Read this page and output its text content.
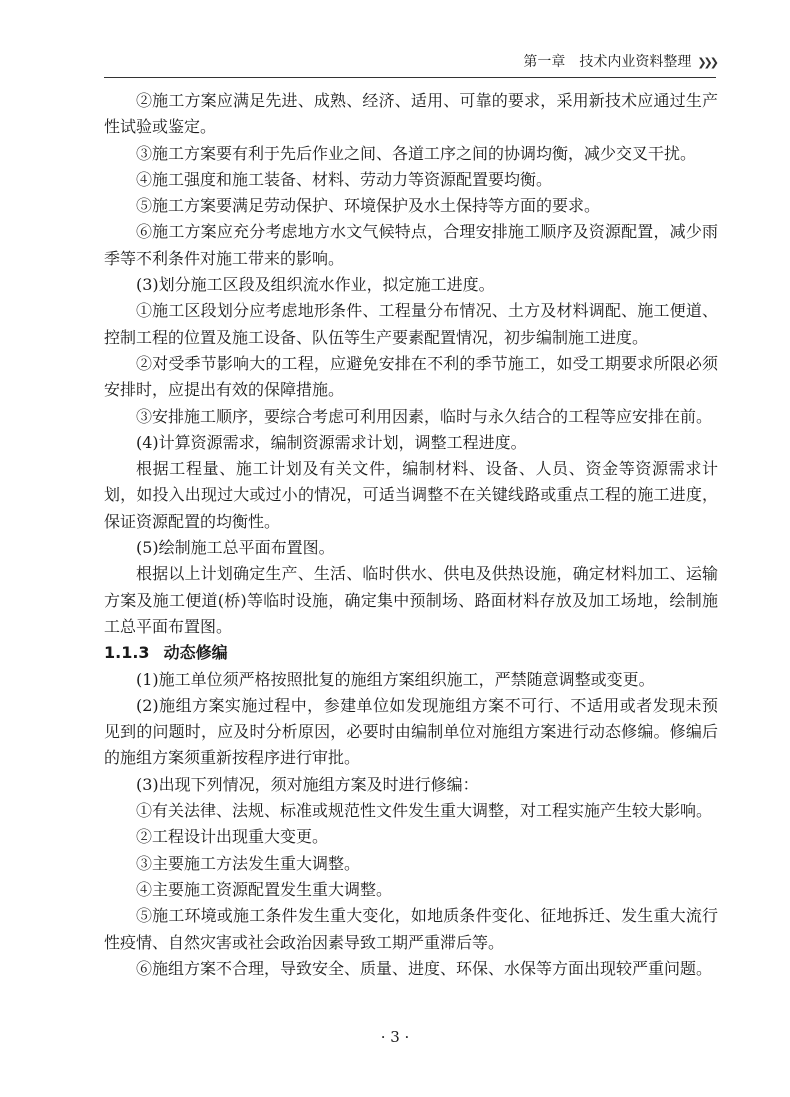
第一章 技术内业资料整理 ❯❯❯

②施工方案应满足先进、成熟、经济、适用、可靠的要求，采用新技术应通过生产性试验或鉴定。

③施工方案要有利于先后作业之间、各道工序之间的协调均衡，减少交叉干扰。

④施工强度和施工装备、材料、劳动力等资源配置要均衡。

⑤施工方案要满足劳动保护、环境保护及水土保持等方面的要求。

⑥施工方案应充分考虑地方水文气候特点，合理安排施工顺序及资源配置，减少雨季等不利条件对施工带来的影响。

(3)划分施工区段及组织流水作业，拟定施工进度。

①施工区段划分应考虑地形条件、工程量分布情况、土方及材料调配、施工便道、控制工程的位置及施工设备、队伍等生产要素配置情况，初步编制施工进度。

②对受季节影响大的工程，应避免安排在不利的季节施工，如受工期要求所限必须安排时，应提出有效的保障措施。

③安排施工顺序，要综合考虑可利用因素，临时与永久结合的工程等应安排在前。

(4)计算资源需求，编制资源需求计划，调整工程进度。

根据工程量、施工计划及有关文件，编制材料、设备、人员、资金等资源需求计划，如投入出现过大或过小的情况，可适当调整不在关键线路或重点工程的施工进度，保证资源配置的均衡性。

(5)绘制施工总平面布置图。

根据以上计划确定生产、生活、临时供水、供电及供热设施，确定材料加工、运输方案及施工便道(桥)等临时设施，确定集中预制场、路面材料存放及加工场地，绘制施工总平面布置图。

1.1.3 动态修编

(1)施工单位须严格按照批复的施组方案组织施工，严禁随意调整或变更。

(2)施组方案实施过程中，参建单位如发现施组方案不可行、不适用或者发现未预见到的问题时，应及时分析原因，必要时由编制单位对施组方案进行动态修编。修编后的施组方案须重新按程序进行审批。

(3)出现下列情况，须对施组方案及时进行修编：

①有关法律、法规、标准或规范性文件发生重大调整，对工程实施产生较大影响。

②工程设计出现重大变更。

③主要施工方法发生重大调整。

④主要施工资源配置发生重大调整。

⑤施工环境或施工条件发生重大变化，如地质条件变化、征地拆迁、发生重大流行性疫情、自然灾害或社会政治因素导致工期严重滞后等。

⑥施组方案不合理，导致安全、质量、进度、环保、水保等方面出现较严重问题。

· 3 ·
